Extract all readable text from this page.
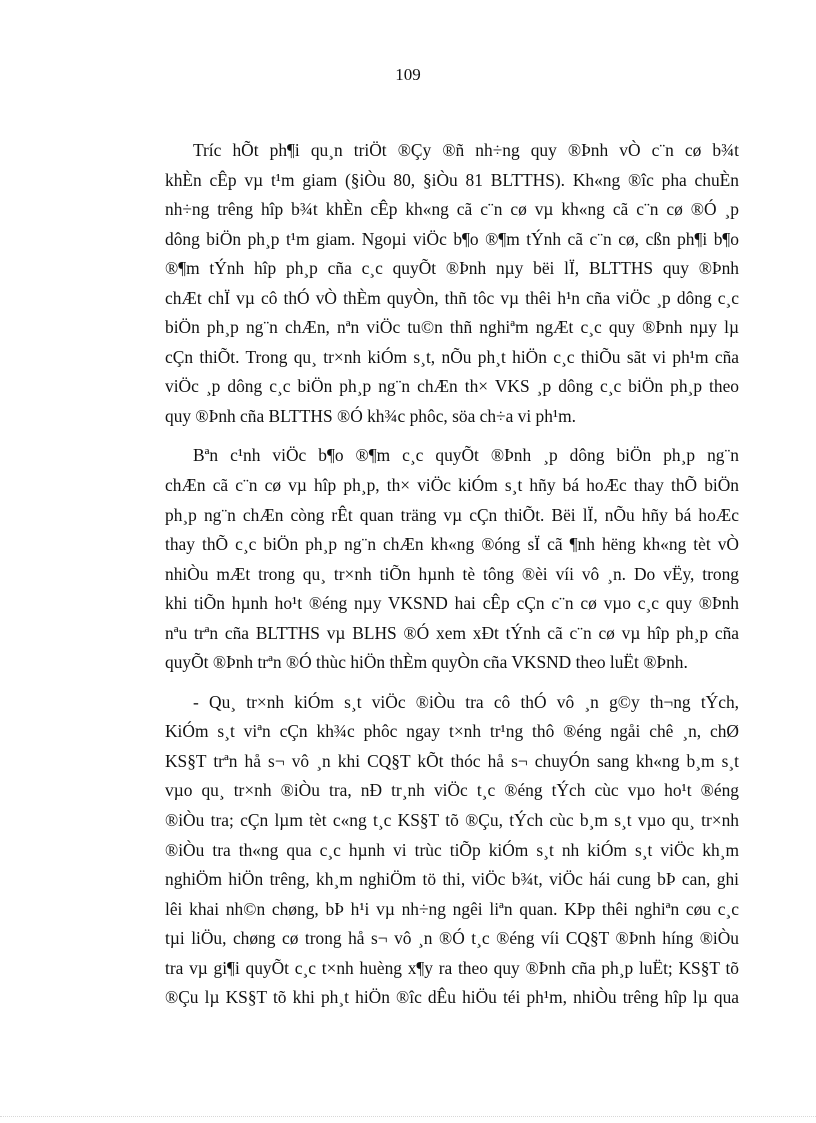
109

Tríc hÕt ph¶i qu¸n triÖt ®Çy ®ñ nh÷ng quy ®Þnh vÒ c¨n cø b¾t
khÈn cÊp vµ t¹m giam (§iÒu 80, §iÒu 81 BLTTHS). Kh«ng ®îc pha chuÈn
nh÷ng trêng hîp b¾t khÈn cÊp kh«ng cã c¨n cø vµ kh«ng cã c¨n cø ®Ó ¸p
dông biÖn ph¸p t¹m giam. Ngoµi viÖc b¶o ®¶m tÝnh cã c¨n cø, cßn ph¶i b¶o
®¶m tÝnh hîp ph¸p cña c¸c quyÕt ®Þnh nµy bëi lÏ, BLTTHS quy ®Þnh
chÆt chÏ vµ cô thÓ vÒ thÈm quyÒn, thñ tôc vµ thêi h¹n cña viÖc ¸p dông c¸c
biÖn ph¸p ng¨n chÆn, nªn viÖc tu©n thñ nghiªm ngÆt c¸c quy ®Þnh nµy lµ
cÇn thiÕt. Trong qu¸ tr×nh kiÓm s¸t, nÕu ph¸t hiÖn c¸c thiÕu sãt vi ph¹m cña
viÖc ¸p dông c¸c biÖn ph¸p ng¨n chÆn th× VKS ¸p dông c¸c biÖn ph¸p theo
quy ®Þnh cña BLTTHS ®Ó kh¾c phôc, söa ch÷a vi ph¹m.

Bªn c¹nh viÖc b¶o ®¶m c¸c quyÕt ®Þnh ¸p dông biÖn ph¸p ng¨n
chÆn cã c¨n cø vµ hîp ph¸p, th× viÖc kiÓm s¸t hñy bá hoÆc thay thÕ biÖn
ph¸p ng¨n chÆn còng rÊt quan träng vµ cÇn thiÕt. Bëi lÏ, nÕu hñy bá hoÆc
thay thÕ c¸c biÖn ph¸p ng¨n chÆn kh«ng ®óng sÏ cã ¶nh hëng kh«ng tèt vÒ
nhiÒu mÆt trong qu¸ tr×nh tiÕn hµnh tè tông ®èi víi vô ¸n. Do vËy, trong
khi tiÕn hµnh ho¹t ®éng nµy VKSND hai cÊp cÇn c¨n cø vµo c¸c quy ®Þnh
nªu trªn cña BLTTHS vµ BLHS ®Ó xem xÐt tÝnh cã c¨n cø vµ hîp ph¸p cña
quyÕt ®Þnh trªn ®Ó thùc hiÖn thÈm quyÒn cña VKSND theo luËt ®Þnh.

- Qu¸ tr×nh kiÓm s¸t viÖc ®iÒu tra cô thÓ vô ¸n g©y th¬ng tÝch,
KiÓm s¸t viªn cÇn kh¾c phôc ngay t×nh tr¹ng thô ®éng ngåi chê ¸n, chØ
KS§T trªn hå s¬ vô ¸n khi CQ§T kÕt thóc hå s¬ chuyÓn sang kh«ng b¸m s¸t
vµo qu¸ tr×nh ®iÒu tra, nÐ tr¸nh viÖc t¸c ®éng tÝch cùc vµo ho¹t ®éng
®iÒu tra; cÇn lµm tèt c«ng t¸c KS§T tõ ®Çu, tÝch cùc b¸m s¸t vµo qu¸ tr×nh
®iÒu tra th«ng qua c¸c hµnh vi trùc tiÕp kiÓm s¸t nh kiÓm s¸t viÖc kh¸m
nghiÖm hiÖn trêng, kh¸m nghiÖm tö thi, viÖc b¾t, viÖc hái cung bÞ can, ghi
lêi khai nh©n chøng, bÞ h¹i vµ nh÷ng ngêi liªn quan. KÞp thêi nghiªn cøu c¸c
tµi liÖu, chøng cø trong hå s¬ vô ¸n ®Ó t¸c ®éng víi CQ§T ®Þnh híng ®iÒu
tra vµ gi¶i quyÕt c¸c t×nh huèng x¶y ra theo quy ®Þnh cña ph¸p luËt; KS§T tõ
®Çu lµ KS§T tõ khi ph¸t hiÖn ®îc dÊu hiÖu téi ph¹m, nhiÒu trêng hîp lµ qua
